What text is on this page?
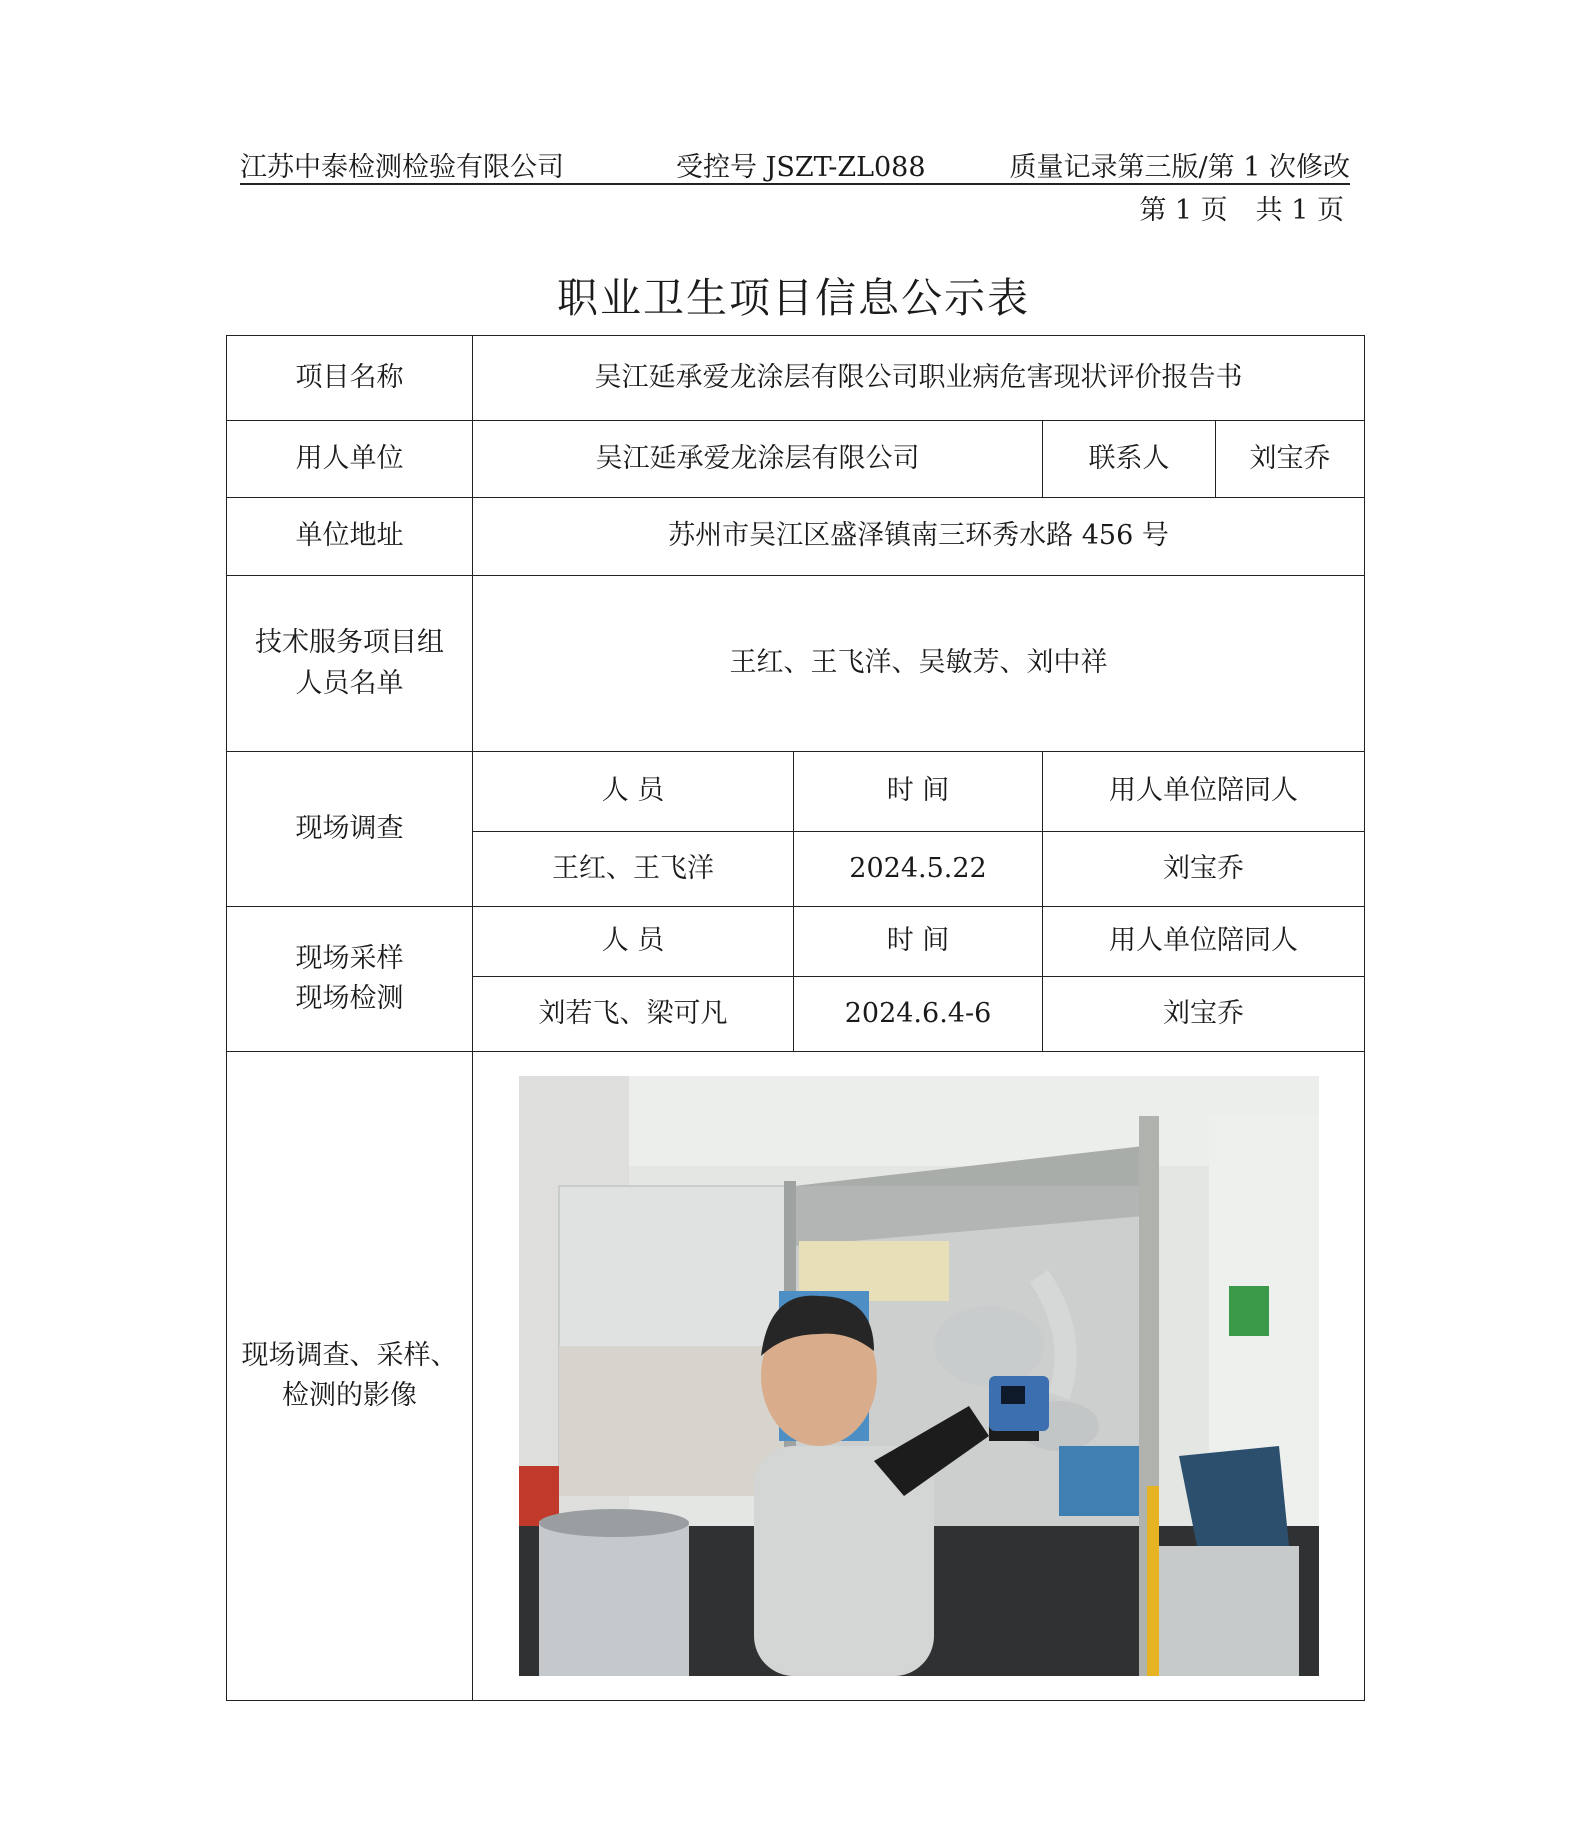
江苏中泰检测检验有限公司	受控号 JSZT-ZL088	质量记录第三版/第 1 次修改
第 1 页 共 1 页
职业卫生项目信息公示表
项目名称	吴江延承爱龙涂层有限公司职业病危害现状评价报告书			
用人单位	吴江延承爱龙涂层有限公司		联系人	刘宝乔
单位地址	苏州市吴江区盛泽镇南三环秀水路 456 号			

技术服务项目组
人员名单	王红、王飞洋、吴敏芳、刘中祥			
现场调查	人 员	时 间	用人单位陪同人	
	王红、王飞洋	2024.5.22	刘宝乔	

现场采样
现场检测	人 员	时 间	用人单位陪同人	
	刘若飞、梁可凡	2024.6.4-6	刘宝乔	

现场调查、采样、
检测的影像
